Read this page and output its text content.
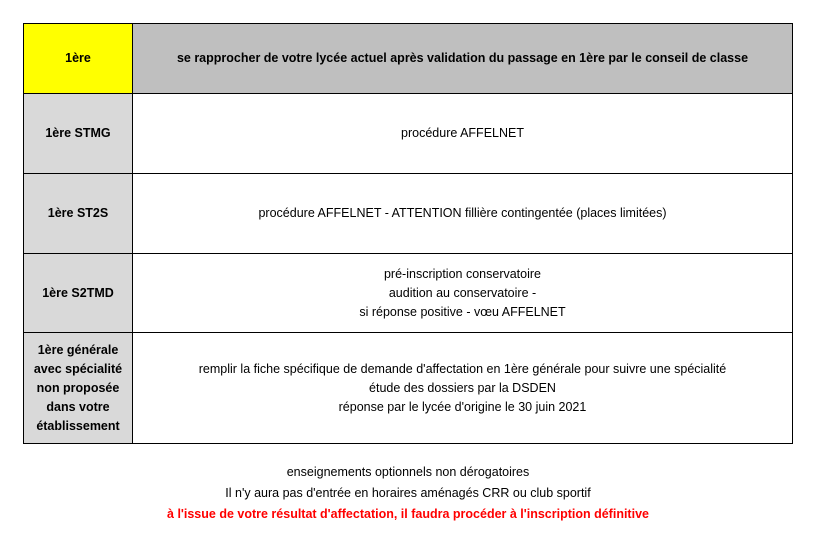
1ère	se rapprocher de votre lycée actuel après validation du passage en 1ère par le conseil de classe

1ère STMG	procédure AFFELNET

1ère ST2S	procédure AFFELNET - ATTENTION fillière contingentée (places limitées)

1ère S2TMD	pré-inscription conservatoire
audition au conservatoire -
si réponse positive - vœu AFFELNET

1ère générale
avec spécialité
non proposée
dans votre
établissement	remplir la fiche spécifique de demande d'affectation en 1ère générale pour suivre une spécialité
étude des dossiers par la DSDEN
réponse par le lycée d'origine le 30 juin 2021
enseignements optionnels non dérogatoires
Il n'y aura pas d'entrée en horaires aménagés CRR ou club sportif
à l'issue de votre résultat d'affectation, il faudra procéder à l'inscription définitive
